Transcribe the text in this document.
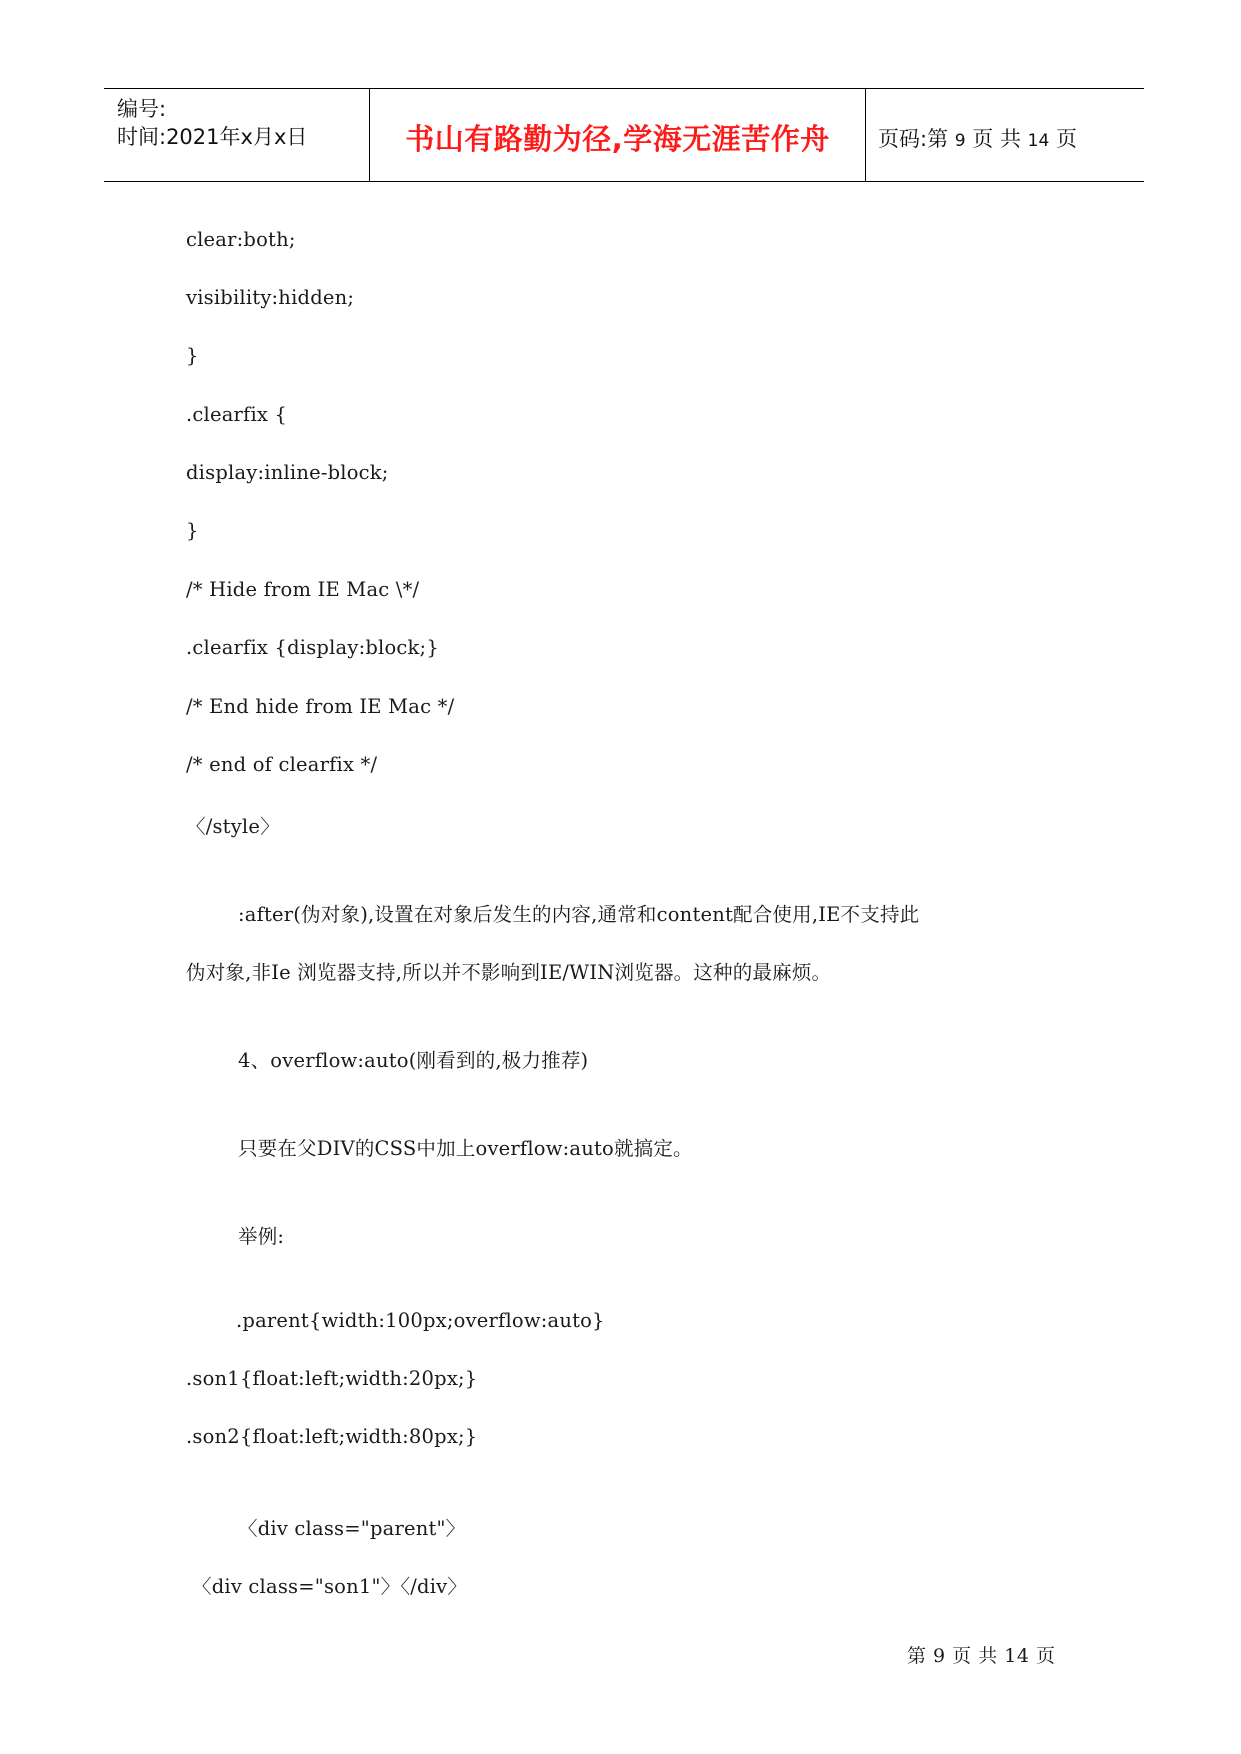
编号:
时间:2021年x月x日	书山有路勤为径,学海无涯苦作舟	页码:第 9 页 共 14 页
clear:both;
visibility:hidden;
}
.clearfix {
display:inline-block;
}
/* Hide from IE Mac \*/
.clearfix {display:block;}
/* End hide from IE Mac */
/* end of clearfix */
〈/style〉
:after(伪对象),设置在对象后发生的内容,通常和content配合使用,IE不支持此
伪对象,非Ie 浏览器支持,所以并不影响到IE/WIN浏览器。这种的最麻烦。
4、overflow:auto(刚看到的,极力推荐)
只要在父DIV的CSS中加上overflow:auto就搞定。
举例:
.parent{width:100px;overflow:auto}
.son1{float:left;width:20px;}
.son2{float:left;width:80px;}
〈div class="parent"〉
〈div class="son1"〉〈/div〉
第 9 页 共 14 页
